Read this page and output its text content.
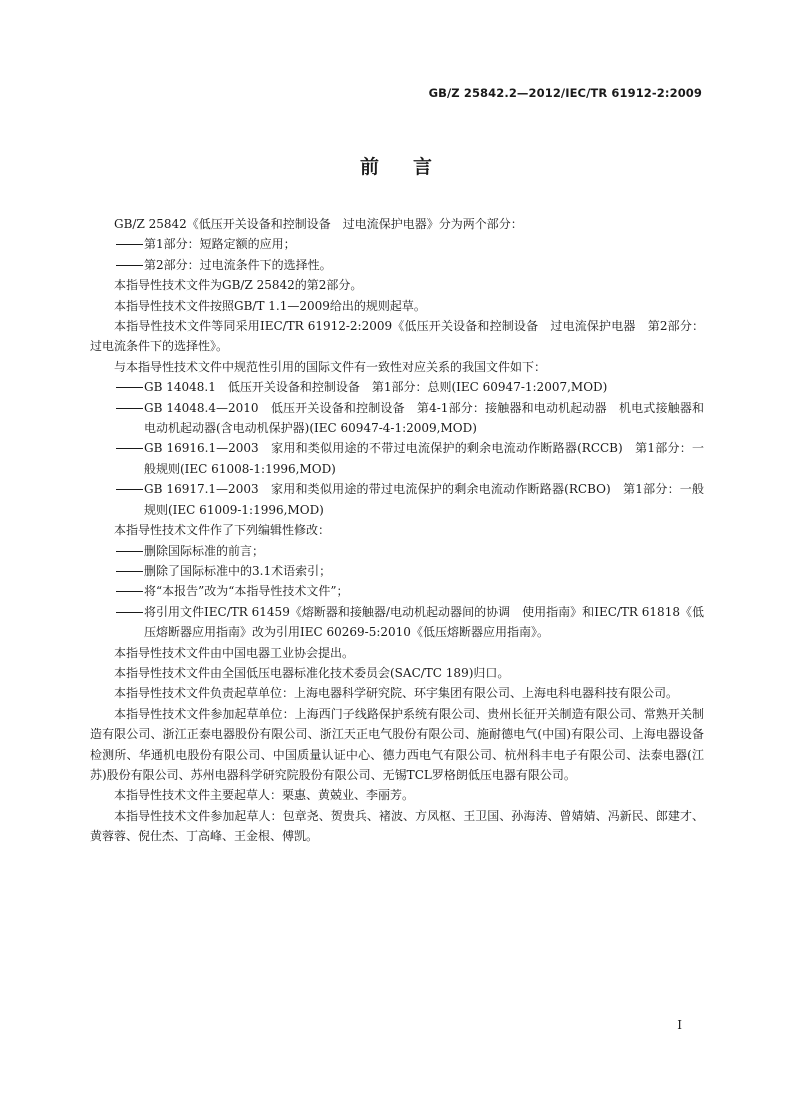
GB/Z 25842.2—2012/IEC/TR 61912-2:2009
前言

GB/Z 25842《低压开关设备和控制设备　过电流保护电器》分为两个部分：

第1部分：短路定额的应用；

第2部分：过电流条件下的选择性。

本指导性技术文件为GB/Z 25842的第2部分。

本指导性技术文件按照GB/T 1.1—2009给出的规则起草。

本指导性技术文件等同采用IEC/TR 61912-2:2009《低压开关设备和控制设备　过电流保护电器　第2部分：过电流条件下的选择性》。

与本指导性技术文件中规范性引用的国际文件有一致性对应关系的我国文件如下：

GB 14048.1　低压开关设备和控制设备　第1部分：总则(IEC 60947-1:2007,MOD)

GB 14048.4—2010　低压开关设备和控制设备　第4-1部分：接触器和电动机起动器　机电式接触器和电动机起动器(含电动机保护器)(IEC 60947-4-1:2009,MOD)

GB 16916.1—2003　家用和类似用途的不带过电流保护的剩余电流动作断路器(RCCB)　第1部分：一般规则(IEC 61008-1:1996,MOD)

GB 16917.1—2003　家用和类似用途的带过电流保护的剩余电流动作断路器(RCBO)　第1部分：一般规则(IEC 61009-1:1996,MOD)

本指导性技术文件作了下列编辑性修改：

删除国际标准的前言；

删除了国际标准中的3.1术语索引；

将“本报告”改为“本指导性技术文件”；

将引用文件IEC/TR 61459《熔断器和接触器/电动机起动器间的协调　使用指南》和IEC/TR 61818《低压熔断器应用指南》改为引用IEC 60269-5:2010《低压熔断器应用指南》。

本指导性技术文件由中国电器工业协会提出。

本指导性技术文件由全国低压电器标准化技术委员会(SAC/TC 189)归口。

本指导性技术文件负责起草单位：上海电器科学研究院、环宇集团有限公司、上海电科电器科技有限公司。

本指导性技术文件参加起草单位：上海西门子线路保护系统有限公司、贵州长征开关制造有限公司、常熟开关制造有限公司、浙江正泰电器股份有限公司、浙江天正电气股份有限公司、施耐德电气(中国)有限公司、上海电器设备检测所、华通机电股份有限公司、中国质量认证中心、德力西电气有限公司、杭州科丰电子有限公司、法泰电器(江苏)股份有限公司、苏州电器科学研究院股份有限公司、无锡TCL罗格朗低压电器有限公司。

本指导性技术文件主要起草人：栗惠、黄兢业、李丽芳。

本指导性技术文件参加起草人：包章尧、贺贵兵、褚波、方凤枢、王卫国、孙海涛、曾婧婧、冯新民、郎建才、黄蓉蓉、倪仕杰、丁高峰、王金根、傅凯。

I
